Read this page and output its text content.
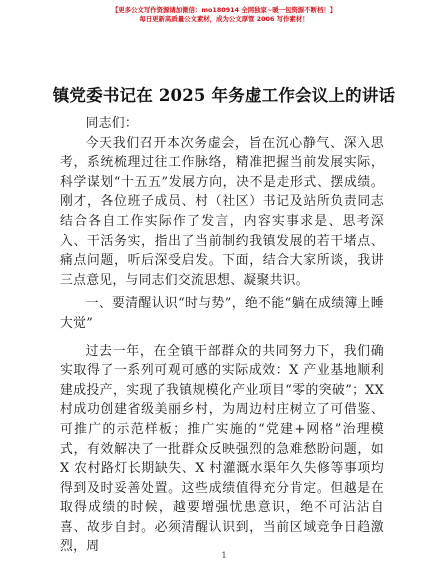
【更多公文写作资源请加微信：mo180914 全网独家~暖一包资源不断档！】
每日更新高质量公文素材，成为公文厚管 2006 写作素材！
镇党委书记在 2025 年务虚工作会议上的讲话

同志们：

今天我们召开本次务虚会，旨在沉心静气、深入思考，系统梳理过往工作脉络，精准把握当前发展实际，科学谋划“十五五”发展方向，决不是走形式、摆成绩。刚才，各位班子成员、村（社区）书记及站所负责同志结合各自工作实际作了发言，内容实事求是、思考深入、干活务实，指出了当前制约我镇发展的若干堵点、痛点问题，听后深受启发。下面，结合大家所谈，我讲三点意见，与同志们交流思想、凝聚共识。

一、要清醒认识“时与势”，绝不能“躺在成绩簿上睡大觉”

过去一年，在全镇干部群众的共同努力下，我们确实取得了一系列可观可感的实际成效：X 产业基地顺利建成投产，实现了我镇规模化产业项目“零的突破”；XX 村成功创建省级美丽乡村，为周边村庄树立了可借鉴、可推广的示范样板；推广实施的“党建+网格”治理模式，有效解决了一批群众反映强烈的急难愁盼问题，如 X 农村路灯长期缺失、X 村灌溉水渠年久失修等事项均得到及时妥善处置。这些成绩值得充分肯定。但越是在取得成绩的时候，越要增强忧患意识，绝不可沾沾自喜、故步自封。必须清醒认识到，当前区域竞争日趋激烈，周

1
